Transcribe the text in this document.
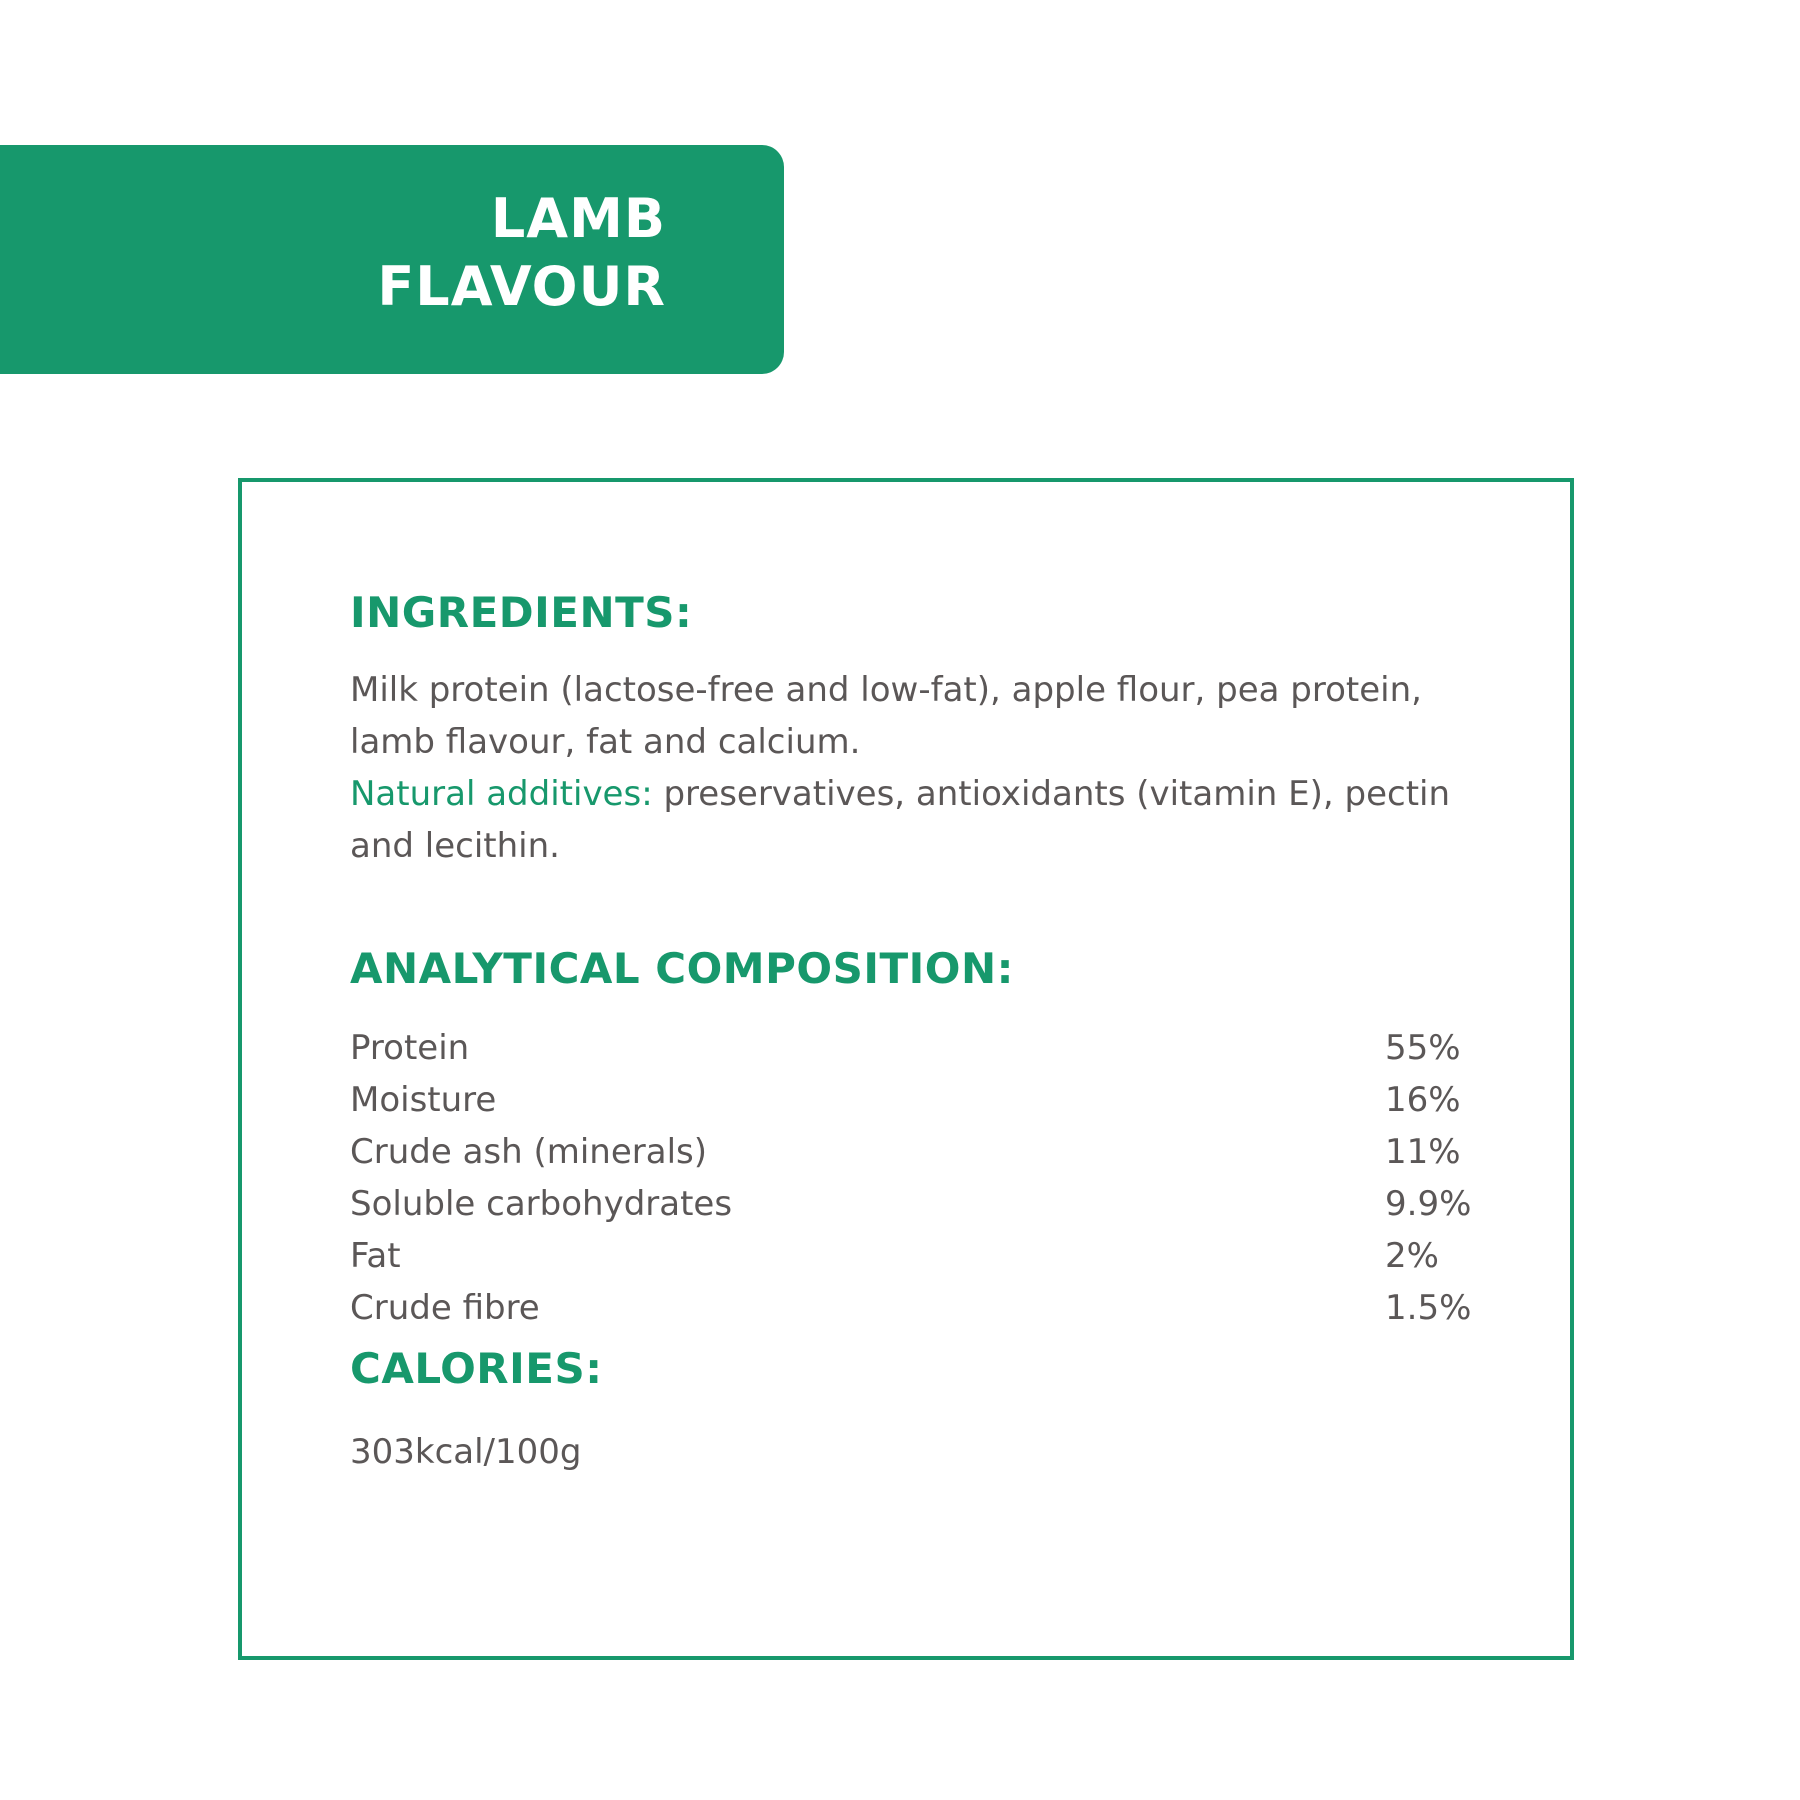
LAMB
FLAVOUR
INGREDIENTS:

Milk protein (lactose-free and low-fat), apple flour, pea protein, lamb flavour, fat and calcium.
Natural additives: preservatives, antioxidants (vitamin E), pectin and lecithin.

ANALYTICAL COMPOSITION:
Protein	55%
Moisture	16%
Crude ash (minerals)	11%
Soluble carbohydrates	9.9%
Fat	2%
Crude fibre	1.5%
CALORIES:

303kcal/100g
